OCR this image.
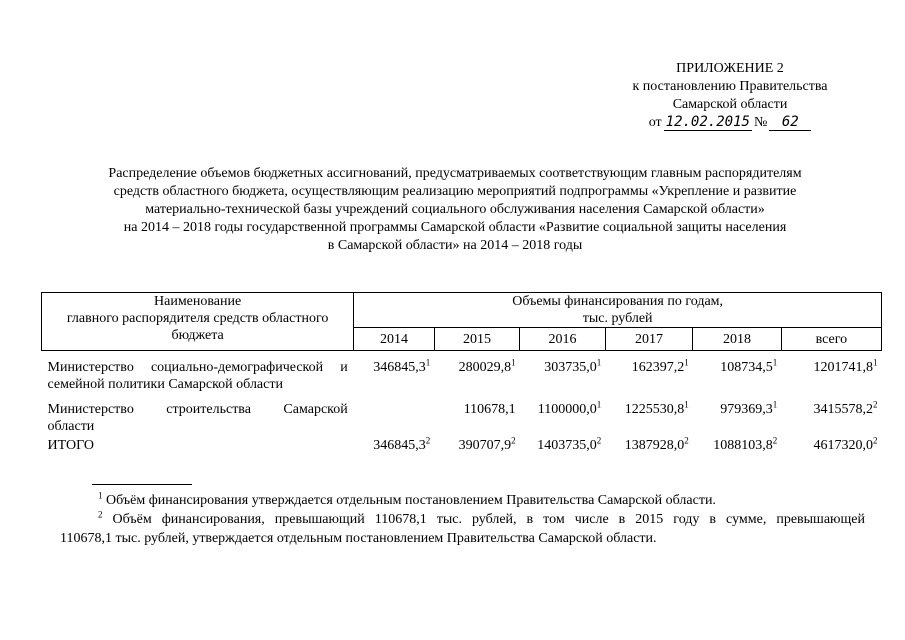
ПРИЛОЖЕНИЕ 2
к постановлению Правительства
Самарской области
от 12.02.2015 №	62
Распределение объемов бюджетных ассигнований, предусматриваемых соответствующим главным распорядителям
средств областного бюджета, осуществляющим реализацию мероприятий подпрограммы «Укрепление и развитие
материально-технической базы учреждений социального обслуживания населения Самарской области»
на 2014 – 2018 годы государственной программы Самарской области «Развитие социальной защиты населения
в Самарской области» на 2014 – 2018 годы
Наименование
главного распорядителя средств областного
бюджета	Объемы финансирования по годам,
тыс. рублей					

	2014	2015	2016	2017	2018	всего

Министерство социально-демографической и
семейной политики Самарской области	346845,3$^1$	280029,8$^1$	303735,0$^1$	162397,2$^1$	108734,5$^1$	1201741,8$^1$

Министерство строительства Самарской
области		110678,1	1100000,0$^1$	1225530,8$^1$	979369,3$^1$	3415578,2$^2$

ИТОГО	346845,3$^2$	390707,9$^2$	1403735,0$^2$	1387928,0$^2$	1088103,8$^2$	4617320,0$^2$
$^1$ Объём финансирования утверждается отдельным постановлением Правительства Самарской области.
$^2$ Объём финансирования, превышающий 110678,1 тыс. рублей, в том числе в 2015 году в сумме, превышающей
110678,1 тыс. рублей, утверждается отдельным постановлением Правительства Самарской области.
